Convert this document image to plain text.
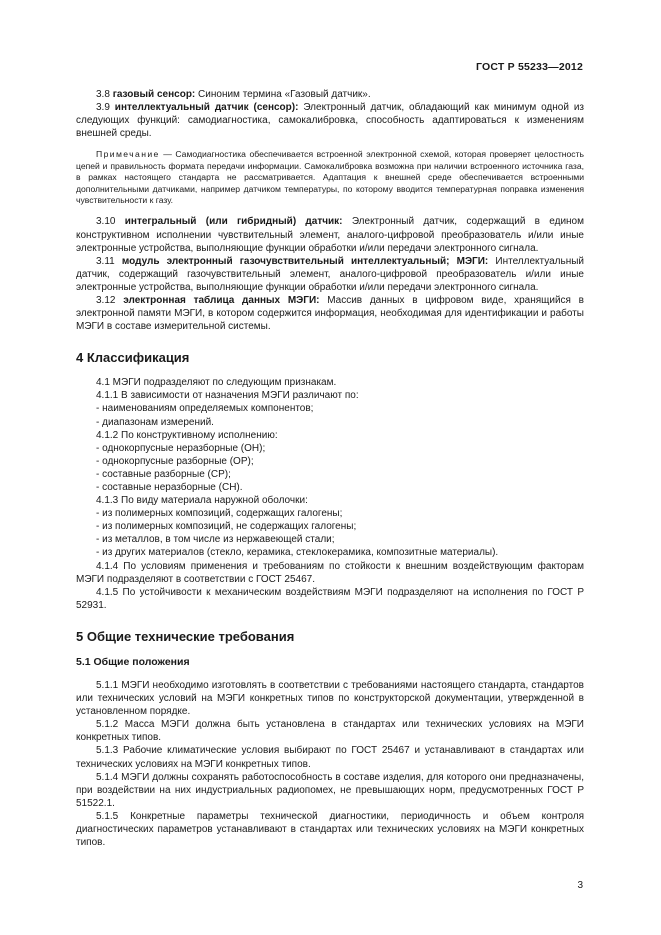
ГОСТ Р 55233—2012

3.8 газовый сенсор: Синоним термина «Газовый датчик».

3.9 интеллектуальный датчик (сенсор): Электронный датчик, обладающий как минимум одной из следующих функций: самодиагностика, самокалибровка, способность адаптироваться к изменениям внешней среды.

Примечание — Самодиагностика обеспечивается встроенной электронной схемой, которая проверяет целостность цепей и правильность формата передачи информации. Самокалибровка возможна при наличии встроенного источника газа, в рамках настоящего стандарта не рассматривается. Адаптация к внешней среде обеспечивается встроенными дополнительными датчиками, например датчиком температуры, по которому вводится температурная поправка изменения чувствительности к газу.

3.10 интегральный (или гибридный) датчик: Электронный датчик, содержащий в едином конструктивном исполнении чувствительный элемент, аналого-цифровой преобразователь и/или иные электронные устройства, выполняющие функции обработки и/или передачи электронного сигнала.

3.11 модуль электронный газочувствительный интеллектуальный; МЭГИ: Интеллектуальный датчик, содержащий газочувствительный элемент, аналого-цифровой преобразователь и/или иные электронные устройства, выполняющие функции обработки и/или передачи электронного сигнала.

3.12 электронная таблица данных МЭГИ: Массив данных в цифровом виде, хранящийся в электронной памяти МЭГИ, в котором содержится информация, необходимая для идентификации и работы МЭГИ в составе измерительной системы.

4 Классификация

4.1 МЭГИ подразделяют по следующим признакам.

4.1.1 В зависимости от назначения МЭГИ различают по:

- наименованиям определяемых компонентов;

- диапазонам измерений.

4.1.2 По конструктивному исполнению:

- однокорпусные неразборные (ОН);

- однокорпусные разборные (ОР);

- составные разборные (СР);

- составные неразборные (СН).

4.1.3 По виду материала наружной оболочки:

- из полимерных композиций, содержащих галогены;

- из полимерных композиций, не содержащих галогены;

- из металлов, в том числе из нержавеющей стали;

- из других материалов (стекло, керамика, стеклокерамика, композитные материалы).

4.1.4 По условиям применения и требованиям по стойкости к внешним воздействующим факторам МЭГИ подразделяют в соответствии с ГОСТ 25467.

4.1.5 По устойчивости к механическим воздействиям МЭГИ подразделяют на исполнения по ГОСТ Р 52931.

5 Общие технические требования
5.1 Общие положения

5.1.1 МЭГИ необходимо изготовлять в соответствии с требованиями настоящего стандарта, стандартов или технических условий на МЭГИ конкретных типов по конструкторской документации, утвержденной в установленном порядке.

5.1.2 Масса МЭГИ должна быть установлена в стандартах или технических условиях на МЭГИ конкретных типов.

5.1.3 Рабочие климатические условия выбирают по ГОСТ 25467 и устанавливают в стандартах или технических условиях на МЭГИ конкретных типов.

5.1.4 МЭГИ должны сохранять работоспособность в составе изделия, для которого они предназначены, при воздействии на них индустриальных радиопомех, не превышающих норм, предусмотренных ГОСТ Р 51522.1.

5.1.5 Конкретные параметры технической диагностики, периодичность и объем контроля диагностических параметров устанавливают в стандартах или технических условиях на МЭГИ конкретных типов.

3
